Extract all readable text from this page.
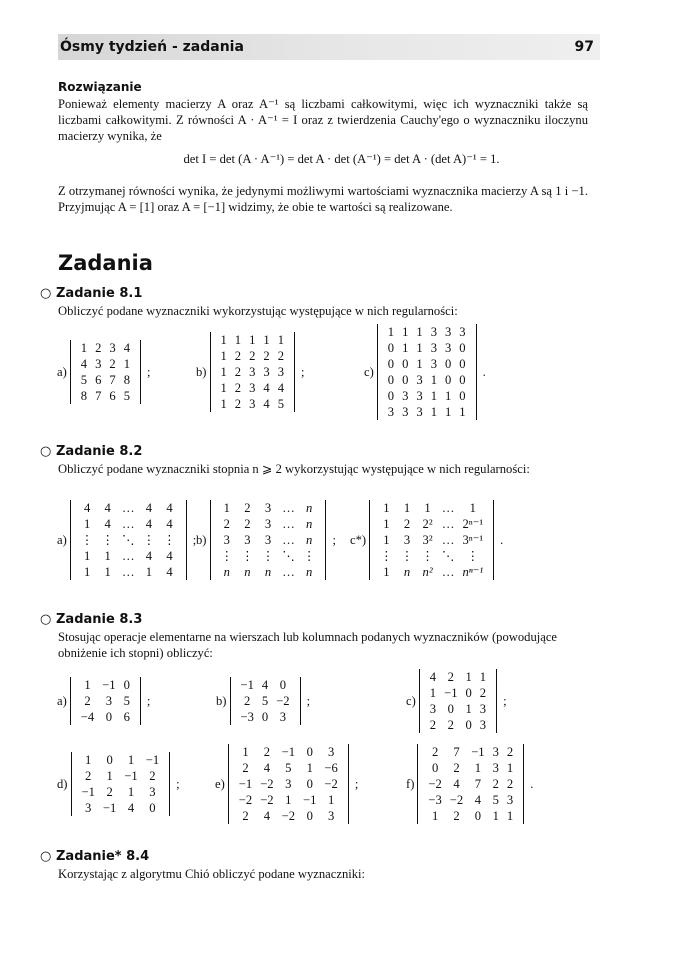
Ósmy tydzień - zadania	97
Rozwiązanie

Ponieważ elementy macierzy A oraz A⁻¹ są liczbami całkowitymi, więc ich wyznaczniki także są liczbami całkowitymi. Z równości A · A⁻¹ = I oraz z twierdzenia Cauchy'ego o wyznaczniku iloczynu macierzy wynika, że

det I = det (A · A⁻¹) = det A · det (A⁻¹) = det A · (det A)⁻¹ = 1.

Z otrzymanej równości wynika, że jedynymi możliwymi wartościami wyznacznika macierzy A są 1 i −1. Przyjmując A = [1] oraz A = [−1] widzimy, że obie te wartości są realizowane.

Zadania
○ Zadanie 8.1

Obliczyć podane wyznaczniki wykorzystując występujące w nich regularności:

a)
1	2	3	4
4	3	2	1
5	6	7	8
8	7	6	5
;	b)
1	1	1	1	1
1	2	2	2	2
1	2	3	3	3
1	2	3	4	4
1	2	3	4	5
;	c)
1	1	1	3	3	3
0	1	1	3	3	0
0	0	1	3	0	0
0	0	3	1	0	0
0	3	3	1	1	0
3	3	3	1	1	1
.
○ Zadanie 8.2

Obliczyć podane wyznaczniki stopnia n ⩾ 2 wykorzystując występujące w nich regularności:

a)
4	4	…	4	4
1	4	…	4	4
⋮	⋮	⋱	⋮	⋮
1	1	…	4	4
1	1	…	1	4
; b)
1	2	3	…	n
2	2	3	…	n
3	3	3	…	n
⋮	⋮	⋮	⋱	⋮
n	n	n	…	n
; c*)
1	1	1	…	1
1	2	2²	…	2ⁿ⁻¹
1	3	3²	…	3ⁿ⁻¹
⋮	⋮	⋮	⋱	⋮
1	n	n²	…	nⁿ⁻¹
.
○ Zadanie 8.3

Stosując operacje elementarne na wierszach lub kolumnach podanych wyznaczników (powodujące obniżenie ich stopni) obliczyć:

a)
1	−1	0
2	3	5
−4	0	6
;	b)
−1	4	0
2	5	−2
−3	0	3
;	c)
4	2	1	1
1	−1	0	2
3	0	1	3
2	2	0	3
;
d)
1	0	1	−1
2	1	−1	2
−1	2	1	3
3	−1	4	0
;	e)
1	2	−1	0	3
2	4	5	1	−6
−1	−2	3	0	−2
−2	−2	1	−1	1
2	4	−2	0	3
;	f)
2	7	−1	3	2
0	2	1	3	1
−2	4	7	2	2
−3	−2	4	5	3
1	2	0	1	1
.
○ Zadanie* 8.4

Korzystając z algorytmu Chió obliczyć podane wyznaczniki:
